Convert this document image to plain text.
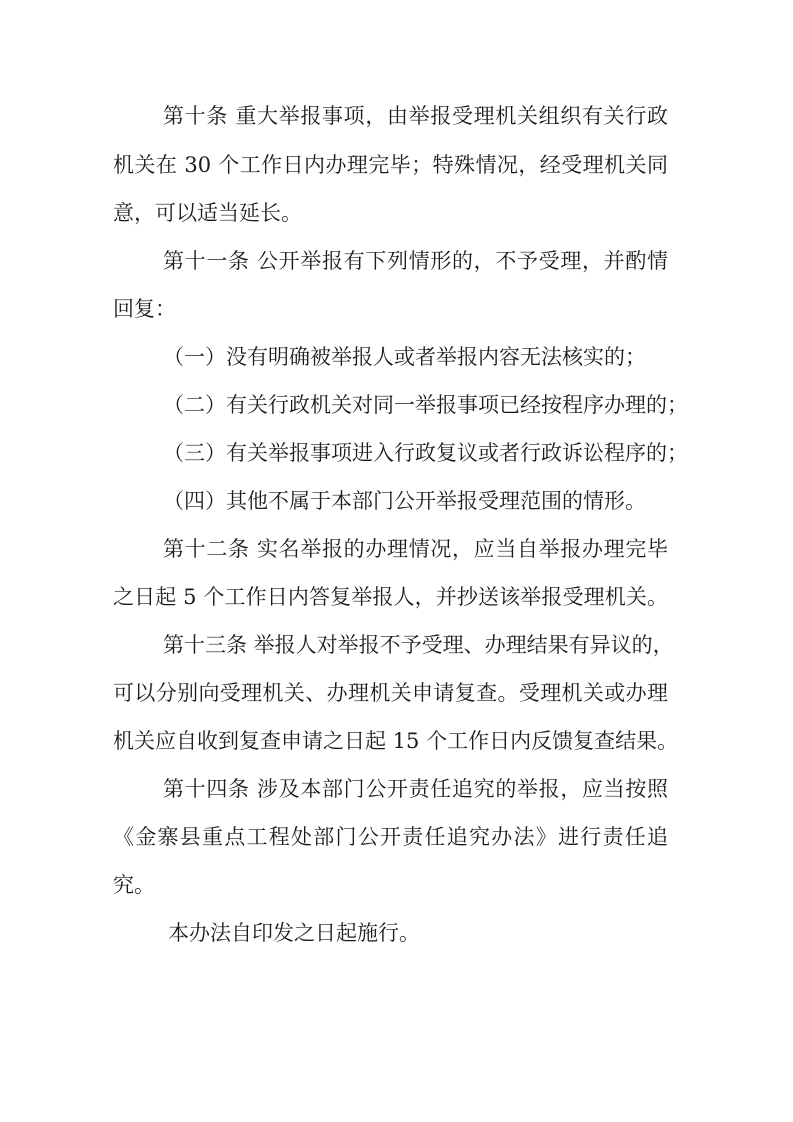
第十条 重大举报事项，由举报受理机关组织有关行政

机关在 30 个工作日内办理完毕；特殊情况，经受理机关同

意，可以适当延长。

第十一条 公开举报有下列情形的，不予受理，并酌情

回复：

（一）没有明确被举报人或者举报内容无法核实的；

（二）有关行政机关对同一举报事项已经按程序办理的；

（三）有关举报事项进入行政复议或者行政诉讼程序的；

（四）其他不属于本部门公开举报受理范围的情形。

第十二条 实名举报的办理情况，应当自举报办理完毕

之日起 5 个工作日内答复举报人，并抄送该举报受理机关。

第十三条 举报人对举报不予受理、办理结果有异议的，

可以分别向受理机关、办理机关申请复查。受理机关或办理

机关应自收到复查申请之日起 15 个工作日内反馈复查结果。

第十四条 涉及本部门公开责任追究的举报，应当按照

《金寨县重点工程处部门公开责任追究办法》进行责任追

究。

本办法自印发之日起施行。
